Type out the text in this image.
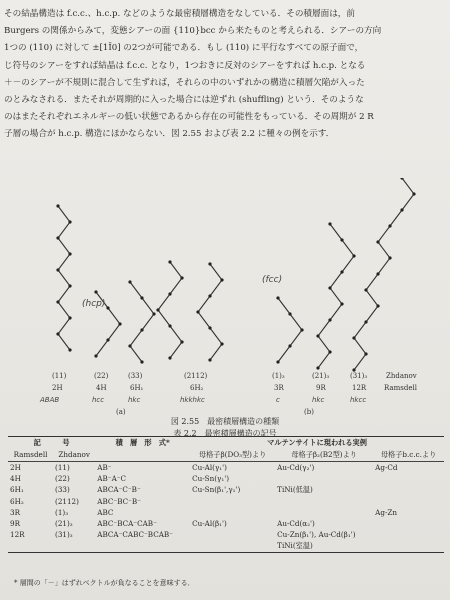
その結晶構造は f.c.c.、h.c.p. などのような最密積層構造をなしている．その積層面は，前
Burgers の関係からみて，変態シアーの面 {110}bcc から来たものと考えられる．シアーの方向
1つの (110) に対して ±[1Ī0] の2つが可能である．もし (110) に平行なすべての原子面で，
じ符号のシアーをすれば結晶は f.c.c. となり，1つおきに反対のシアーをすれば h.c.p. となる
＋－のシアーが不規則に混合して生ずれば，それらの中のいずれかの構造に積層欠陥が入った
のとみなされる．またそれが周期的に入った場合には逆ずれ (shuffling) という．そのような
のはまたそれぞれエネルギーの低い状態であるから存在の可能性をもっている．その周期が 2 R
子層の場合が h.c.p. 構造にほかならない．図 2.55 および表 2.2 に種々の例を示す．
(hcp)
(fcc)
(11)
2H
ABAB
(22)
4H
hcc
(33)
6H₁
hkc
(2112)
6H₂
hkkhkc
(1)₃
3R
c
(21)₃
9R
hkc
(31)₃
12R
hkcc
Zhdanov
Ramsdell
(a)	(b)
図 2.55　最密積層構造の種類
表 2.2　最密積層構造の記号
記　　　号		積　層　形　式*	マルテンサイトに現われる実例		
Ramsdell	Zhdanov		母格子β(DO₃型)より	母格子β₂(B2型)より	母格子b.c.c.より
2H	(11)	AB⁻	Cu-Al(γ₁')	Au-Cd(γ₂')	Ag-Cd
4H	(22)	AB⁻A⁻C	Cu-Sn(γ₁')		
6H₁	(33)	ABCA⁻C⁻B⁻	Cu-Sn(β₁',γ₁')	TiNi(低温)	
6H₂	(2112)	ABC⁻BC⁻B⁻			
3R	(1)₃	ABC			Ag-Zn
9R	(21)₃	ABC⁻BCA⁻CAB⁻	Cu-Al(β₁')	Au-Cd(α₂')	
12R	(31)₃	ABCA⁻CABC⁻BCAB⁻		Cu-Zn(β₁'), Au-Cd(β₁')	
				TiNi(室温)	
* 層間の「－」はずれベクトルが負なることを意味する．
